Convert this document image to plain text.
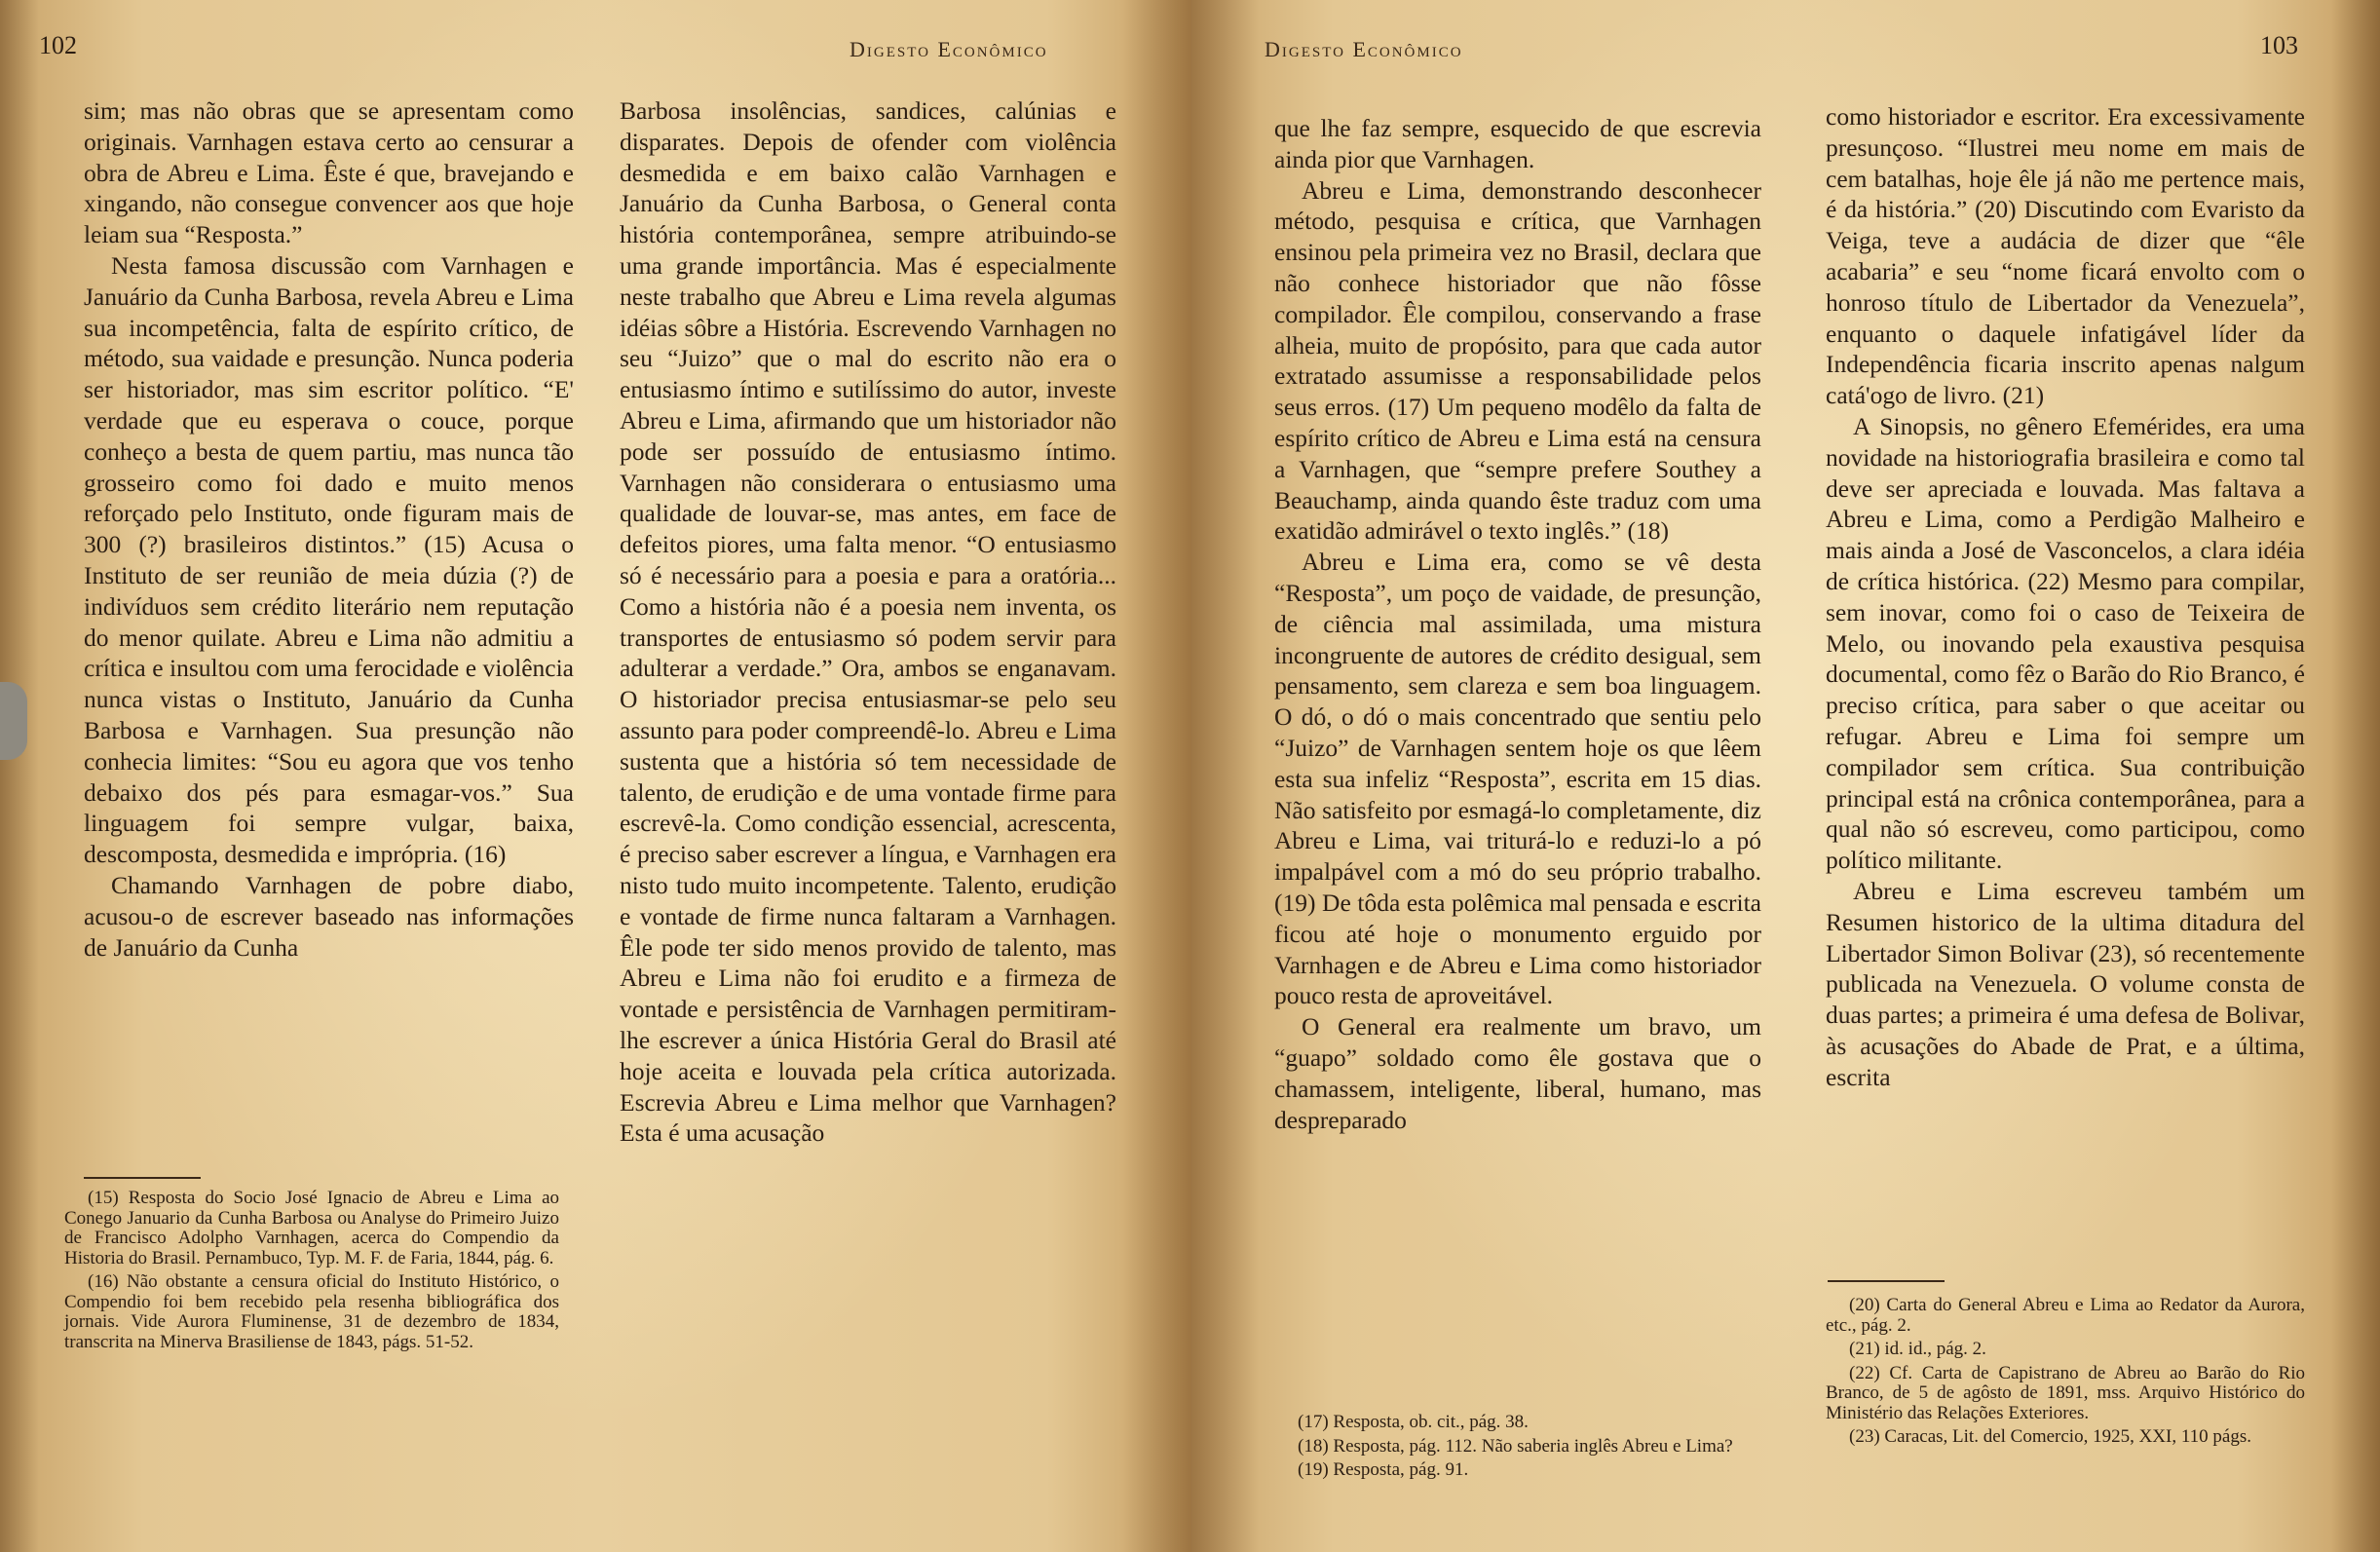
102	Digesto Econômico

sim; mas não obras que se apresentam como originais. Varnhagen estava certo ao censurar a obra de Abreu e Lima. Êste é que, bravejando e xingando, não consegue convencer aos que hoje leiam sua “Resposta.”

Nesta famosa discussão com Varnhagen e Januário da Cunha Barbosa, revela Abreu e Lima sua incompetência, falta de espírito crítico, de método, sua vaidade e presunção. Nunca poderia ser historiador, mas sim escritor político. “E' verdade que eu esperava o couce, porque conheço a besta de quem partiu, mas nunca tão grosseiro como foi dado e muito menos reforçado pelo Instituto, onde figuram mais de 300 (?) brasileiros distintos.” (15) Acusa o Instituto de ser reunião de meia dúzia (?) de indivíduos sem crédito literário nem reputação do menor quilate. Abreu e Lima não admitiu a crítica e insultou com uma ferocidade e violência nunca vistas o Instituto, Januário da Cunha Barbosa e Varnhagen. Sua presunção não conhecia limites: “Sou eu agora que vos tenho debaixo dos pés para esmagar-vos.” Sua linguagem foi sempre vulgar, baixa, descomposta, desmedida e imprópria. (16)

Chamando Varnhagen de pobre diabo, acusou-o de escrever baseado nas informações de Januário da Cunha

(15) Resposta do Socio José Ignacio de Abreu e Lima ao Conego Januario da Cunha Barbosa ou Analyse do Primeiro Juizo de Francisco Adolpho Varnhagen, acerca do Compendio da Historia do Brasil. Pernambuco, Typ. M. F. de Faria, 1844, pág. 6.

(16) Não obstante a censura oficial do Instituto Histórico, o Compendio foi bem recebido pela resenha bibliográfica dos jornais. Vide Aurora Fluminense, 31 de dezembro de 1834, transcrita na Minerva Brasiliense de 1843, págs. 51-52.

Barbosa insolências, sandices, calúnias e disparates. Depois de ofender com violência desmedida e em baixo calão Varnhagen e Januário da Cunha Barbosa, o General conta história contemporânea, sempre atribuindo-se uma grande importância. Mas é especialmente neste trabalho que Abreu e Lima revela algumas idéias sôbre a História. Escrevendo Varnhagen no seu “Juizo” que o mal do escrito não era o entusiasmo íntimo e sutilíssimo do autor, investe Abreu e Lima, afirmando que um historiador não pode ser possuído de entusiasmo íntimo. Varnhagen não considerara o entusiasmo uma qualidade de louvar-se, mas antes, em face de defeitos piores, uma falta menor. “O entusiasmo só é necessário para a poesia e para a oratória... Como a história não é a poesia nem inventa, os transportes de entusiasmo só podem servir para adulterar a verdade.” Ora, ambos se enganavam. O historiador precisa entusiasmar-se pelo seu assunto para poder compreendê-lo. Abreu e Lima sustenta que a história só tem necessidade de talento, de erudição e de uma vontade firme para escrevê-la. Como condição essencial, acrescenta, é preciso saber escrever a língua, e Varnhagen era nisto tudo muito incompetente. Talento, erudição e vontade de firme nunca faltaram a Varnhagen. Êle pode ter sido menos provido de talento, mas Abreu e Lima não foi erudito e a firmeza de vontade e persistência de Varnhagen permitiram-lhe escrever a única História Geral do Brasil até hoje aceita e louvada pela crítica autorizada. Escrevia Abreu e Lima melhor que Varnhagen? Esta é uma acusação

Digesto Econômico	103

que lhe faz sempre, esquecido de que escrevia ainda pior que Varnhagen.

Abreu e Lima, demonstrando desconhecer método, pesquisa e crítica, que Varnhagen ensinou pela primeira vez no Brasil, declara que não conhece historiador que não fôsse compilador. Êle compilou, conservando a frase alheia, muito de propósito, para que cada autor extratado assumisse a responsabilidade pelos seus erros. (17) Um pequeno modêlo da falta de espírito crítico de Abreu e Lima está na censura a Varnhagen, que “sempre prefere Southey a Beauchamp, ainda quando êste traduz com uma exatidão admirável o texto inglês.” (18)

Abreu e Lima era, como se vê desta “Resposta”, um poço de vaidade, de presunção, de ciência mal assimilada, uma mistura incongruente de autores de crédito desigual, sem pensamento, sem clareza e sem boa linguagem. O dó, o dó o mais concentrado que sentiu pelo “Juizo” de Varnhagen sentem hoje os que lêem esta sua infeliz “Resposta”, escrita em 15 dias. Não satisfeito por esmagá-lo completamente, diz Abreu e Lima, vai triturá-lo e reduzi-lo a pó impalpável com a mó do seu próprio trabalho. (19) De tôda esta polêmica mal pensada e escrita ficou até hoje o monumento erguido por Varnhagen e de Abreu e Lima como historiador pouco resta de aproveitável.

O General era realmente um bravo, um “guapo” soldado como êle gostava que o chamassem, inteligente, liberal, humano, mas despreparado

(17) Resposta, ob. cit., pág. 38.

(18) Resposta, pág. 112. Não saberia inglês Abreu e Lima?

(19) Resposta, pág. 91.

como historiador e escritor. Era excessivamente presunçoso. “Ilustrei meu nome em mais de cem batalhas, hoje êle já não me pertence mais, é da história.” (20) Discutindo com Evaristo da Veiga, teve a audácia de dizer que “êle acabaria” e seu “nome ficará envolto com o honroso título de Libertador da Venezuela”, enquanto o daquele infatigável líder da Independência ficaria inscrito apenas nalgum catá'ogo de livro. (21)

A Sinopsis, no gênero Efemérides, era uma novidade na historiografia brasileira e como tal deve ser apreciada e louvada. Mas faltava a Abreu e Lima, como a Perdigão Malheiro e mais ainda a José de Vasconcelos, a clara idéia de crítica histórica. (22) Mesmo para compilar, sem inovar, como foi o caso de Teixeira de Melo, ou inovando pela exaustiva pesquisa documental, como fêz o Barão do Rio Branco, é preciso crítica, para saber o que aceitar ou refugar. Abreu e Lima foi sempre um compilador sem crítica. Sua contribuição principal está na crônica contemporânea, para a qual não só escreveu, como participou, como político militante.

Abreu e Lima escreveu também um Resumen historico de la ultima ditadura del Libertador Simon Bolivar (23), só recentemente publicada na Venezuela. O volume consta de duas partes; a primeira é uma defesa de Bolivar, às acusações do Abade de Prat, e a última, escrita

(20) Carta do General Abreu e Lima ao Redator da Aurora, etc., pág. 2.

(21) id. id., pág. 2.

(22) Cf. Carta de Capistrano de Abreu ao Barão do Rio Branco, de 5 de agôsto de 1891, mss. Arquivo Histórico do Ministério das Relações Exteriores.

(23) Caracas, Lit. del Comercio, 1925, XXI, 110 págs.
